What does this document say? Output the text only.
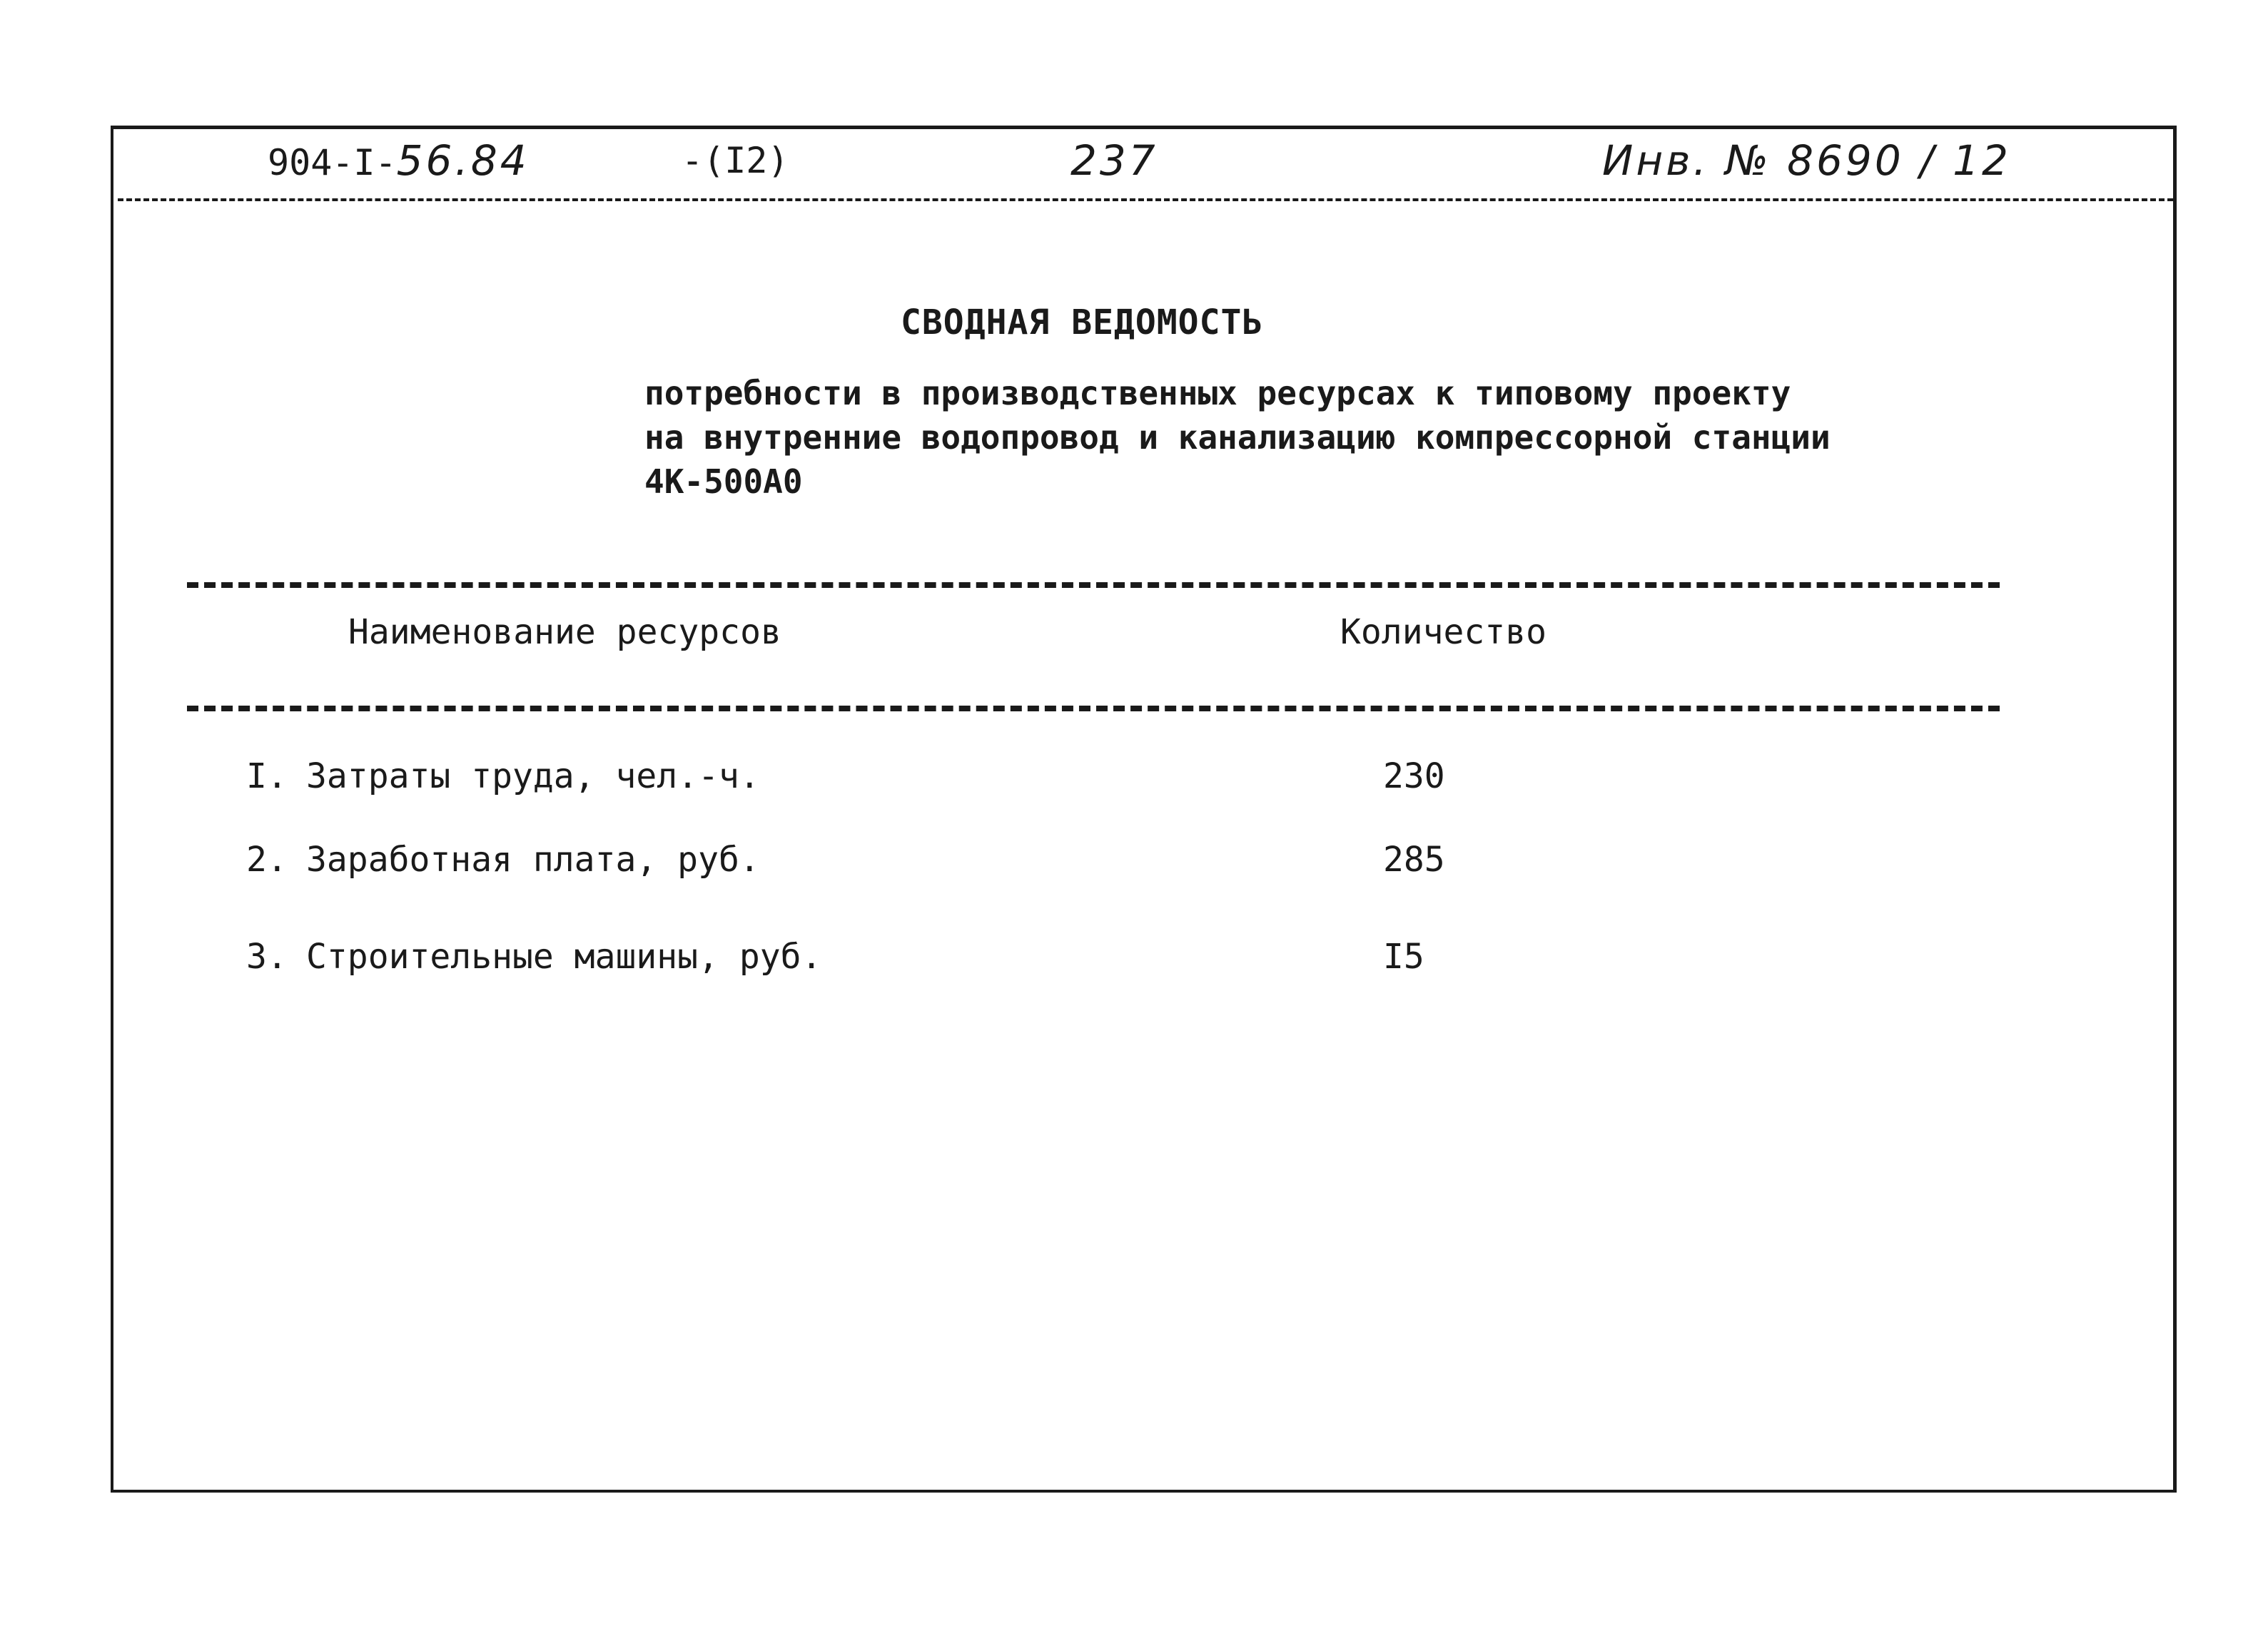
904-I-56.84	-(I2)	237	Инв. № 8690 / 12
СВОДНАЯ ВЕДОМОСТЬ
потребности в производственных ресурсах к типовому проекту
на внутренние водопровод и канализацию компрессорной станции
4К-500А0
Наименование ресурсов	Количество
I. Затраты труда, чел.-ч.	230
2. Заработная плата, руб.	285
3. Строительные машины, руб.	I5
